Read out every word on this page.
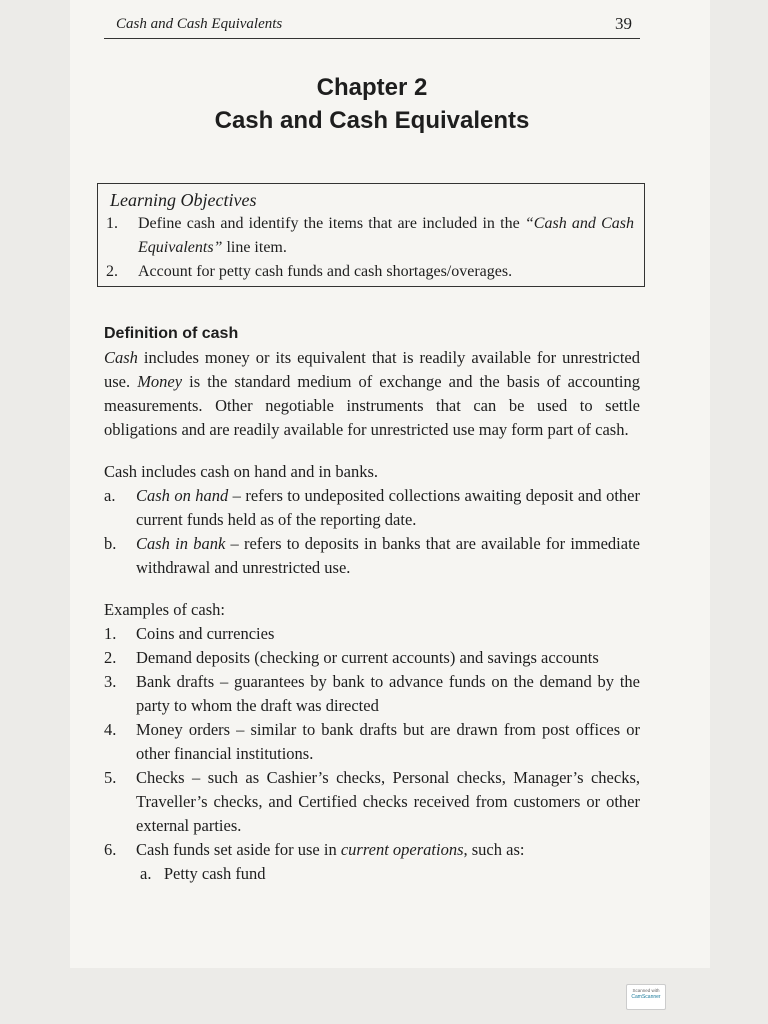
Cash and Cash Equivalents	39
Chapter 2
Cash and Cash Equivalents
Learning Objectives
1.	Define cash and identify the items that are included in the “Cash and Cash Equivalents” line item.
2.	Account for petty cash funds and cash shortages/overages.
Definition of cash
Cash includes money or its equivalent that is readily available for unrestricted use. Money is the standard medium of exchange and the basis of accounting measurements. Other negotiable instruments that can be used to settle obligations and are readily available for unrestricted use may form part of cash.
Cash includes cash on hand and in banks.
a.	Cash on hand – refers to undeposited collections awaiting deposit and other current funds held as of the reporting date.
b.	Cash in bank – refers to deposits in banks that are available for immediate withdrawal and unrestricted use.
Examples of cash:
1.	Coins and currencies
2.	Demand deposits (checking or current accounts) and savings accounts
3.	Bank drafts – guarantees by bank to advance funds on the demand by the party to whom the draft was directed
4.	Money orders – similar to bank drafts but are drawn from post offices or other financial institutions.
5.	Checks – such as Cashier’s checks, Personal checks, Manager’s checks, Traveller’s checks, and Certified checks received from customers or other external parties.
6.	Cash funds set aside for use in current operations, such as:
a. Petty cash fund
Scanned with
CamScanner
